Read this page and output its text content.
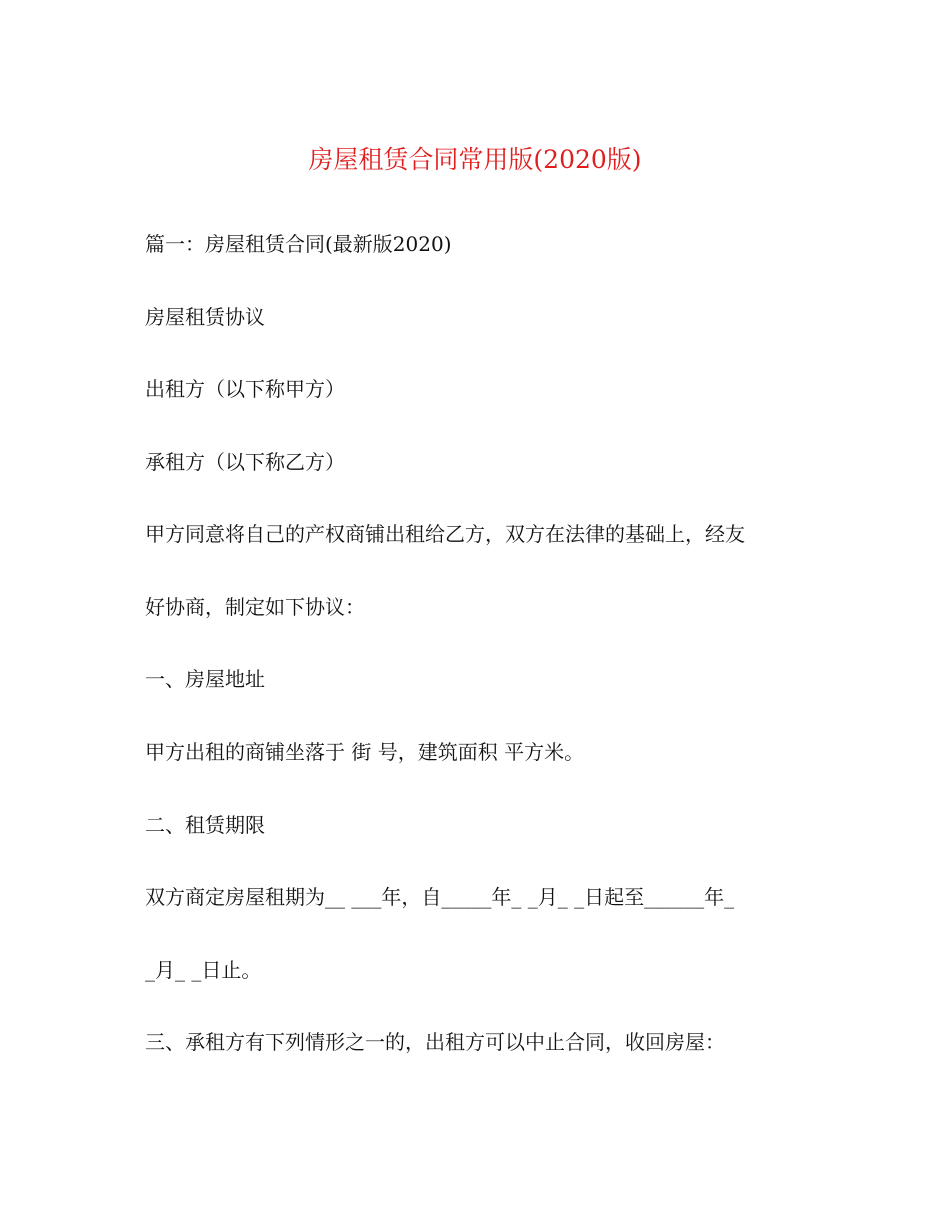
房屋租赁合同常用版(2020版)

篇一：房屋租赁合同(最新版2020)

房屋租赁协议

出租方（以下称甲方）

承租方（以下称乙方）

甲方同意将自己的产权商铺出租给乙方，双方在法律的基础上，经友

好协商，制定如下协议：

一、房屋地址

甲方出租的商铺坐落于 街 号，建筑面积 平方米。

二、租赁期限

双方商定房屋租期为__ ___年，自_____年_ _月_ _日起至______年_

_月_ _日止。

三、承租方有下列情形之一的，出租方可以中止合同，收回房屋：
